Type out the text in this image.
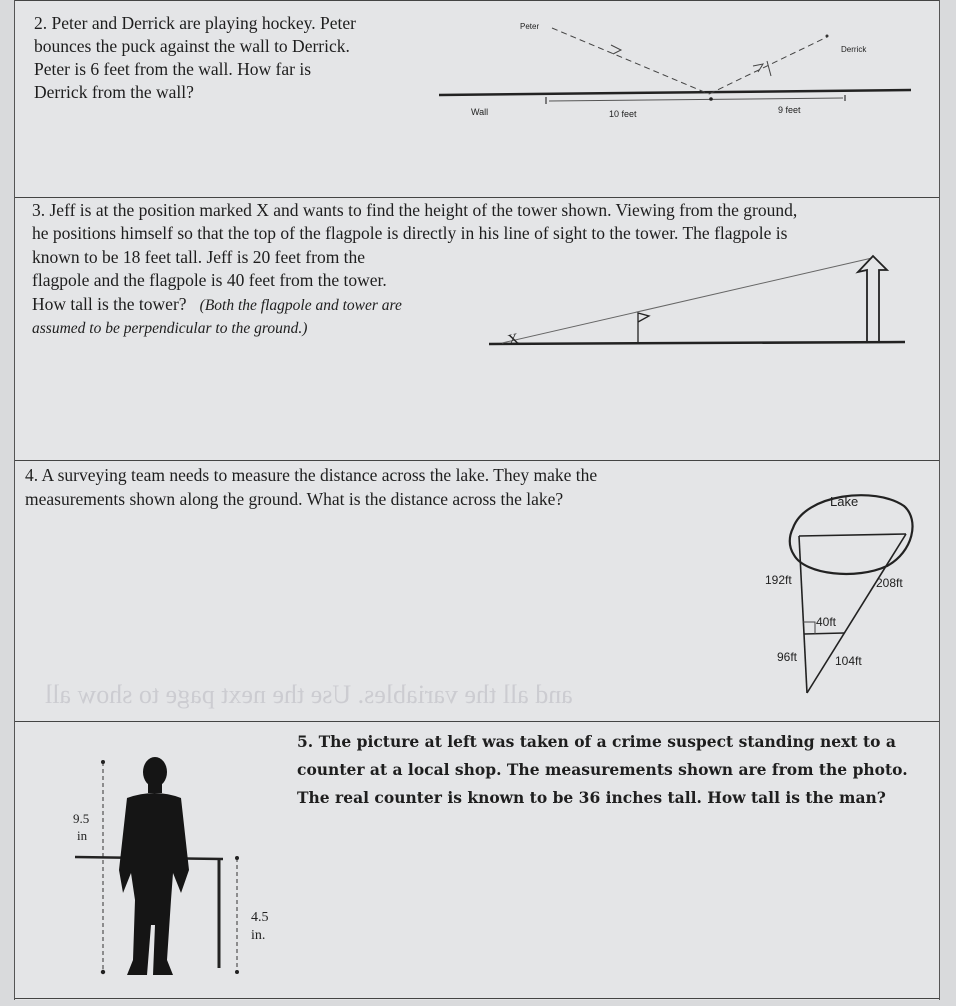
and all the variables. Use the next page to show all
2. Peter and Derrick are playing hockey. Peter
bounces the puck against the wall to Derrick.
Peter is 6 feet from the wall. How far is
Derrick from the wall?
Peter
Derrick
Wall	10 feet	9 feet
3. Jeff is at the position marked X and wants to find the height of the tower shown. Viewing from the ground,
he positions himself so that the top of the flagpole is directly in his line of sight to the tower. The flagpole is
known to be 18 feet tall. Jeff is 20 feet from the
flagpole and the flagpole is 40 feet from the tower.
How tall is the tower? (Both the flagpole and tower are
assumed to be perpendicular to the ground.)
X
4. A surveying team needs to measure the distance across the lake. They make the
measurements shown along the ground. What is the distance across the lake?	Lake
192ft	208ft
40ft
96ft	104ft
5. The picture at left was taken of a crime suspect standing next to a
counter at a local shop. The measurements shown are from the photo.
The real counter is known to be 36 inches tall. How tall is the man?
9.5
in
4.5
in.
